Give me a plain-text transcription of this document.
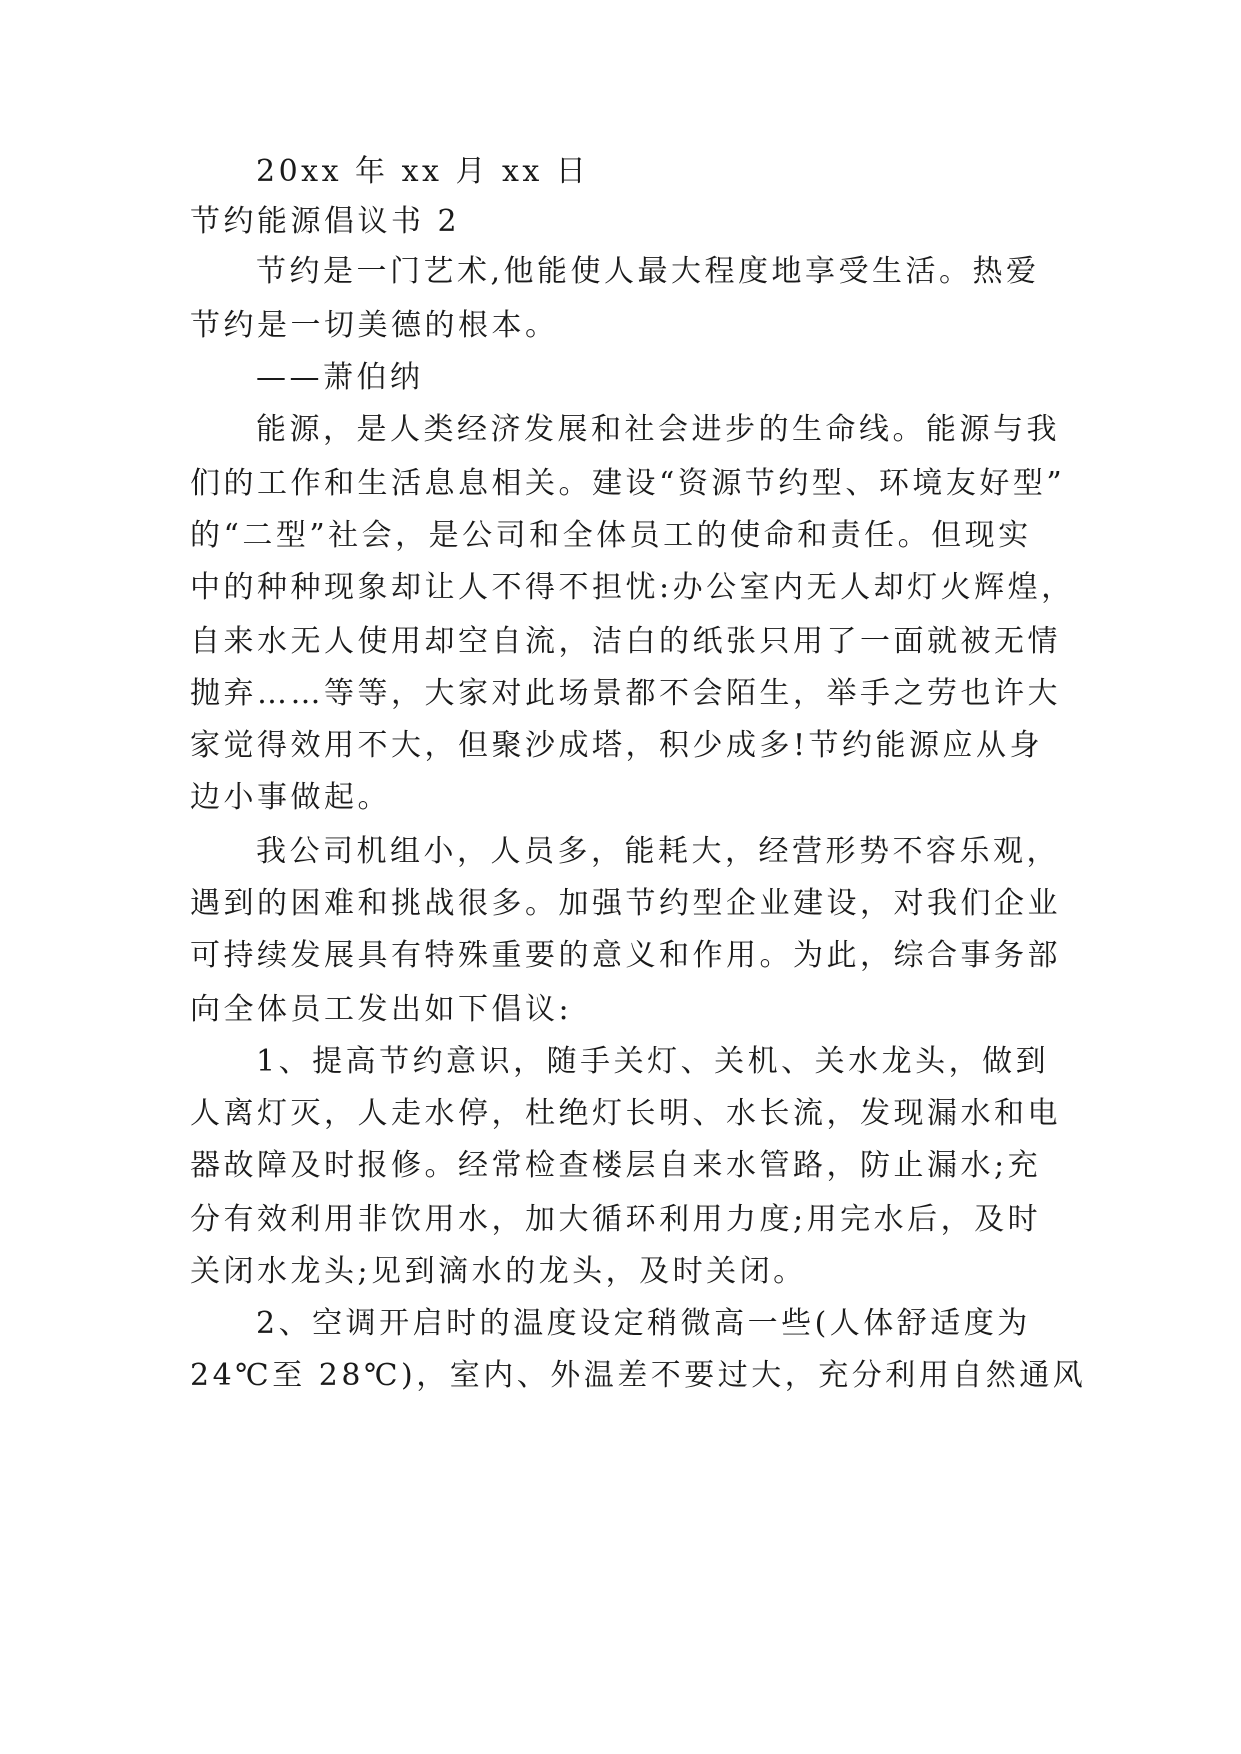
20xx 年 xx 月 xx 日
节约能源倡议书 2
节约是一门艺术,他能使人最大程度地享受生活。热爱
节约是一切美德的根本。
——萧伯纳
能源，是人类经济发展和社会进步的生命线。能源与我
们的工作和生活息息相关。建设“资源节约型、环境友好型”
的“二型”社会，是公司和全体员工的使命和责任。但现实
中的种种现象却让人不得不担忧:办公室内无人却灯火辉煌，
自来水无人使用却空自流，洁白的纸张只用了一面就被无情
抛弃……等等，大家对此场景都不会陌生，举手之劳也许大
家觉得效用不大，但聚沙成塔，积少成多!节约能源应从身
边小事做起。
我公司机组小，人员多，能耗大，经营形势不容乐观，
遇到的困难和挑战很多。加强节约型企业建设，对我们企业
可持续发展具有特殊重要的意义和作用。为此，综合事务部
向全体员工发出如下倡议:
1、提高节约意识，随手关灯、关机、关水龙头，做到
人离灯灭，人走水停，杜绝灯长明、水长流，发现漏水和电
器故障及时报修。经常检查楼层自来水管路，防止漏水;充
分有效利用非饮用水，加大循环利用力度;用完水后，及时
关闭水龙头;见到滴水的龙头，及时关闭。
2、空调开启时的温度设定稍微高一些(人体舒适度为
24℃至 28℃)，室内、外温差不要过大，充分利用自然通风
